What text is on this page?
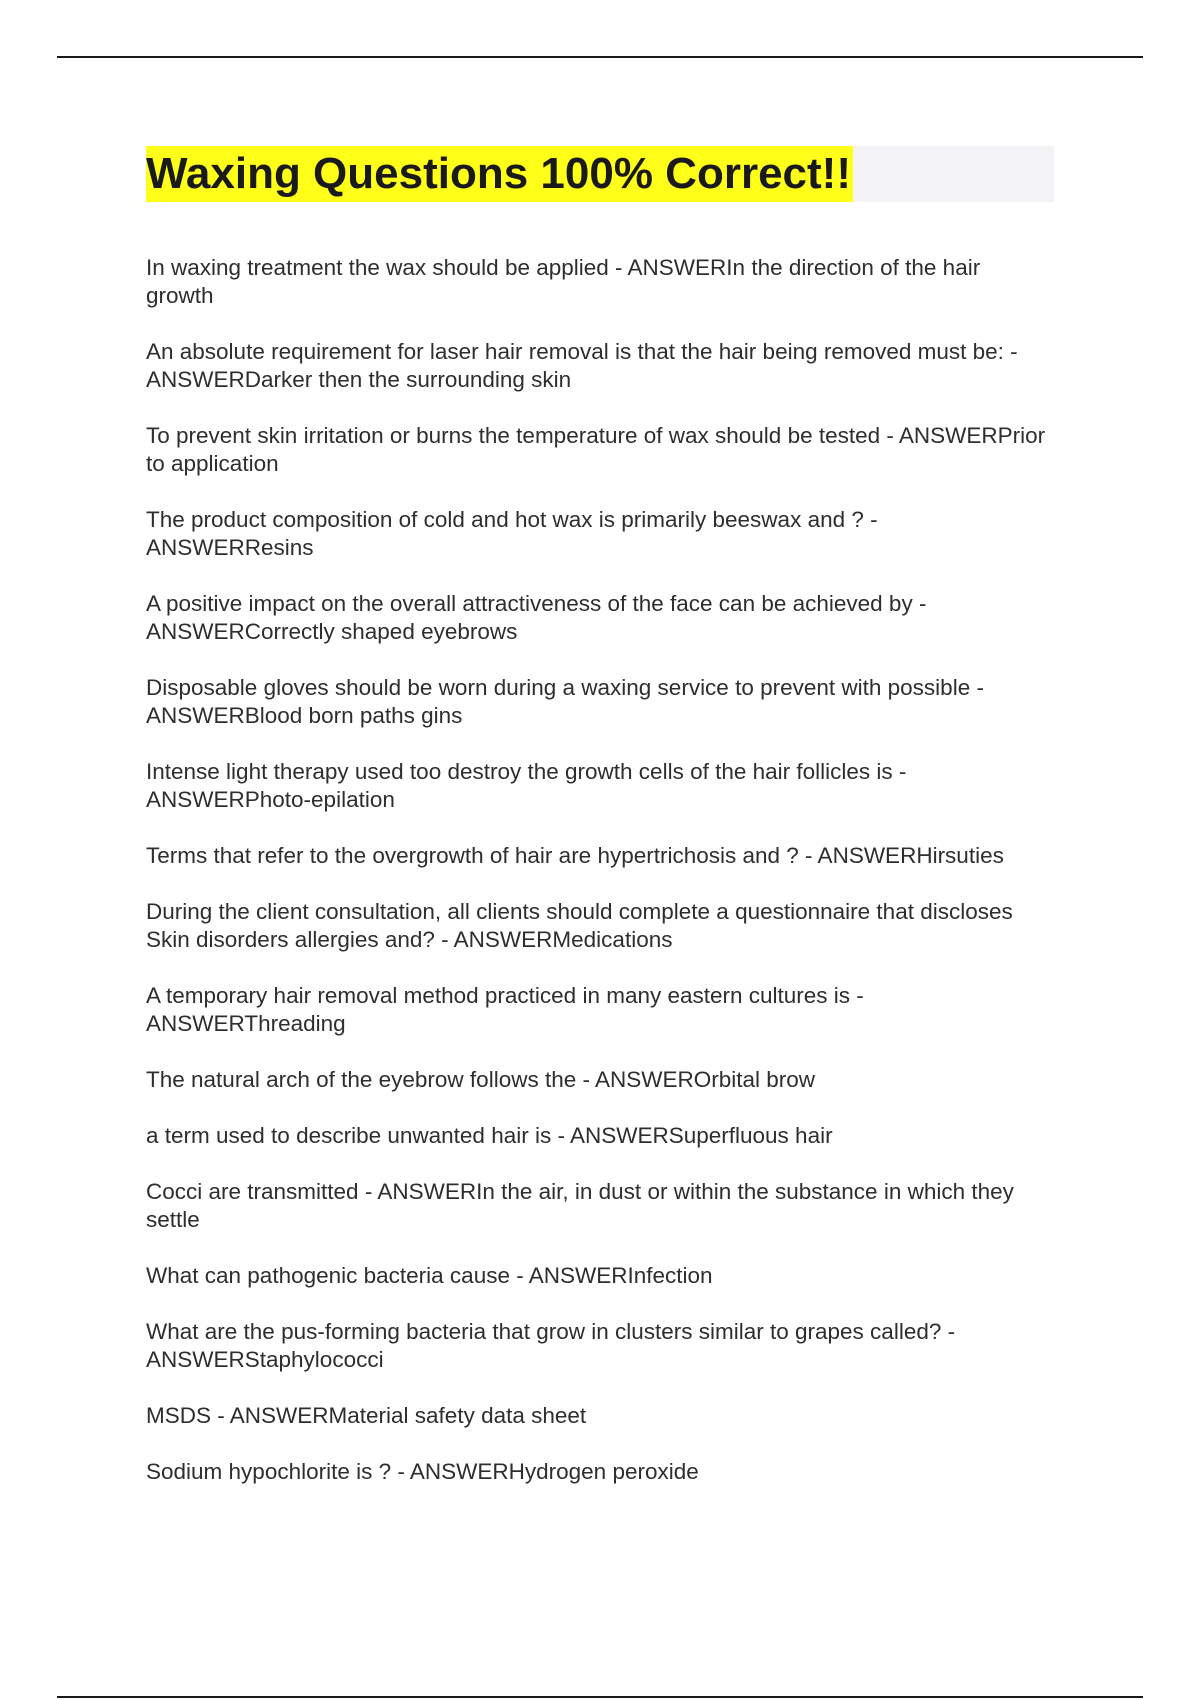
Waxing Questions 100% Correct!!
In waxing treatment the wax should be applied - ANSWERIn the direction of the hair growth
An absolute requirement for laser hair removal is that the hair being removed must be: - ANSWERDarker then the surrounding skin
To prevent skin irritation or burns the temperature of wax should be tested - ANSWERPrior to application
The product composition of cold and hot wax is primarily beeswax and ? - ANSWERResins
A positive impact on the overall attractiveness of the face can be achieved by - ANSWERCorrectly shaped eyebrows
Disposable gloves should be worn during a waxing service to prevent with possible - ANSWERBlood born paths gins
Intense light therapy used too destroy the growth cells of the hair follicles is - ANSWERPhoto-epilation
Terms that refer to the overgrowth of hair are hypertrichosis and ? - ANSWERHirsuties
During the client consultation, all clients should complete a questionnaire that discloses Skin disorders allergies and? - ANSWERMedications
A temporary hair removal method practiced in many eastern cultures is - ANSWERThreading
The natural arch of the eyebrow follows the - ANSWEROrbital brow
a term used to describe unwanted hair is - ANSWERSuperfluous hair
Cocci are transmitted - ANSWERIn the air, in dust or within the substance in which they settle
What can pathogenic bacteria cause - ANSWERInfection
What are the pus-forming bacteria that grow in clusters similar to grapes called? - ANSWERStaphylococci
MSDS - ANSWERMaterial safety data sheet
Sodium hypochlorite is ? - ANSWERHydrogen peroxide
